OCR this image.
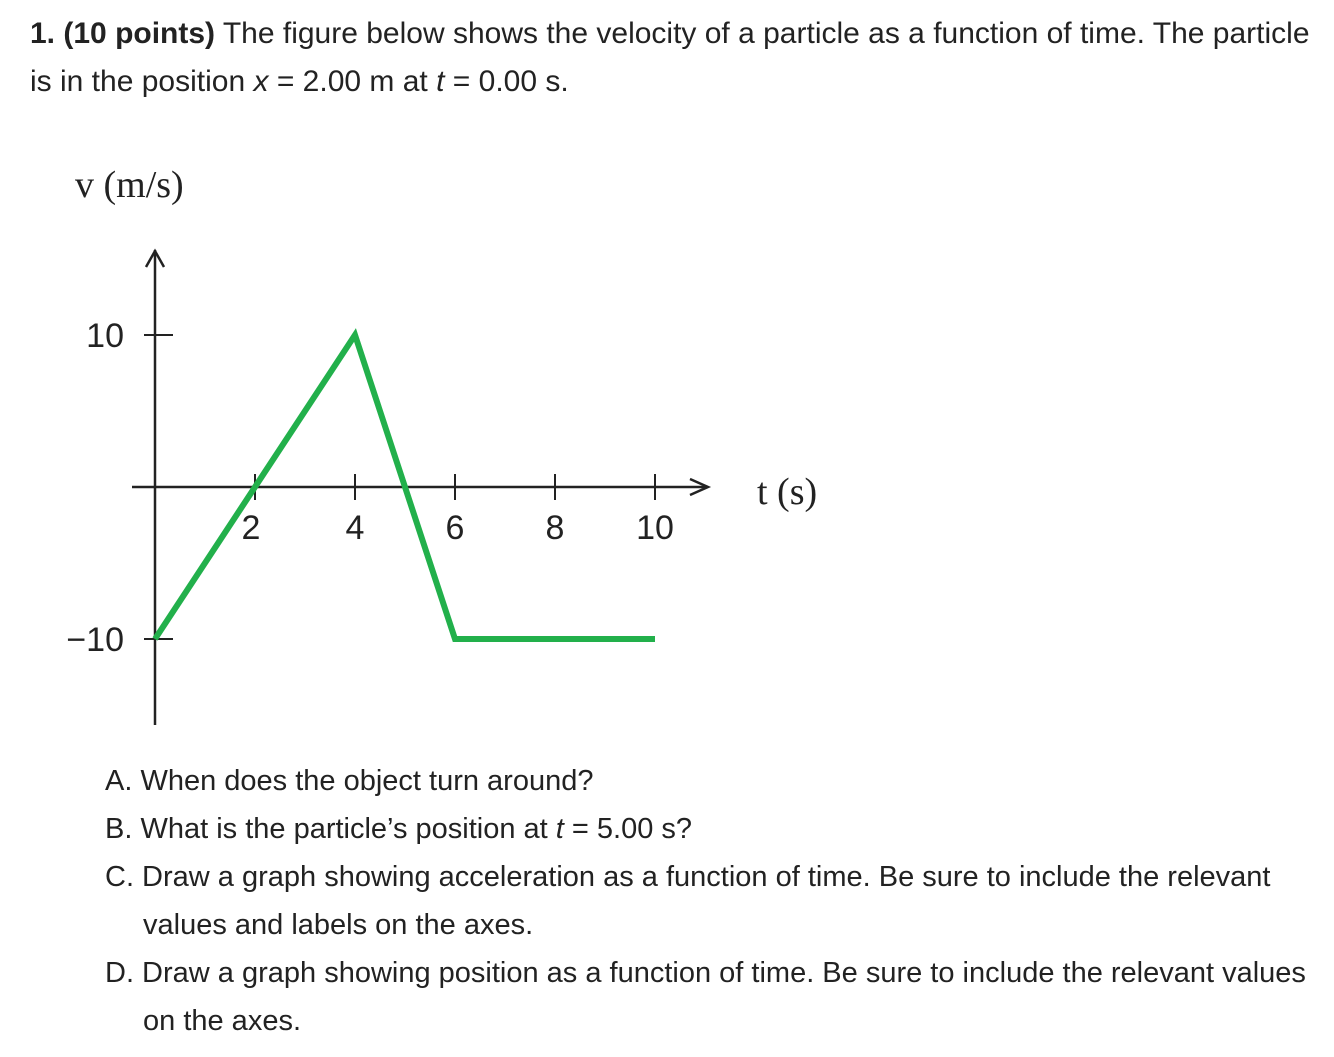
1. (10 points) The figure below shows the velocity of a particle as a function of time. The particle is in the position x = 2.00 m at t = 0.00 s.

2	4 6 8 10
10
−10
v (m/s)
t (s)
A. When does the object turn around?
B. What is the particle’s position at t = 5.00 s?
C. Draw a graph showing acceleration as a function of time. Be sure to include the relevant values and labels on the axes.
D. Draw a graph showing position as a function of time. Be sure to include the relevant values on the axes.
